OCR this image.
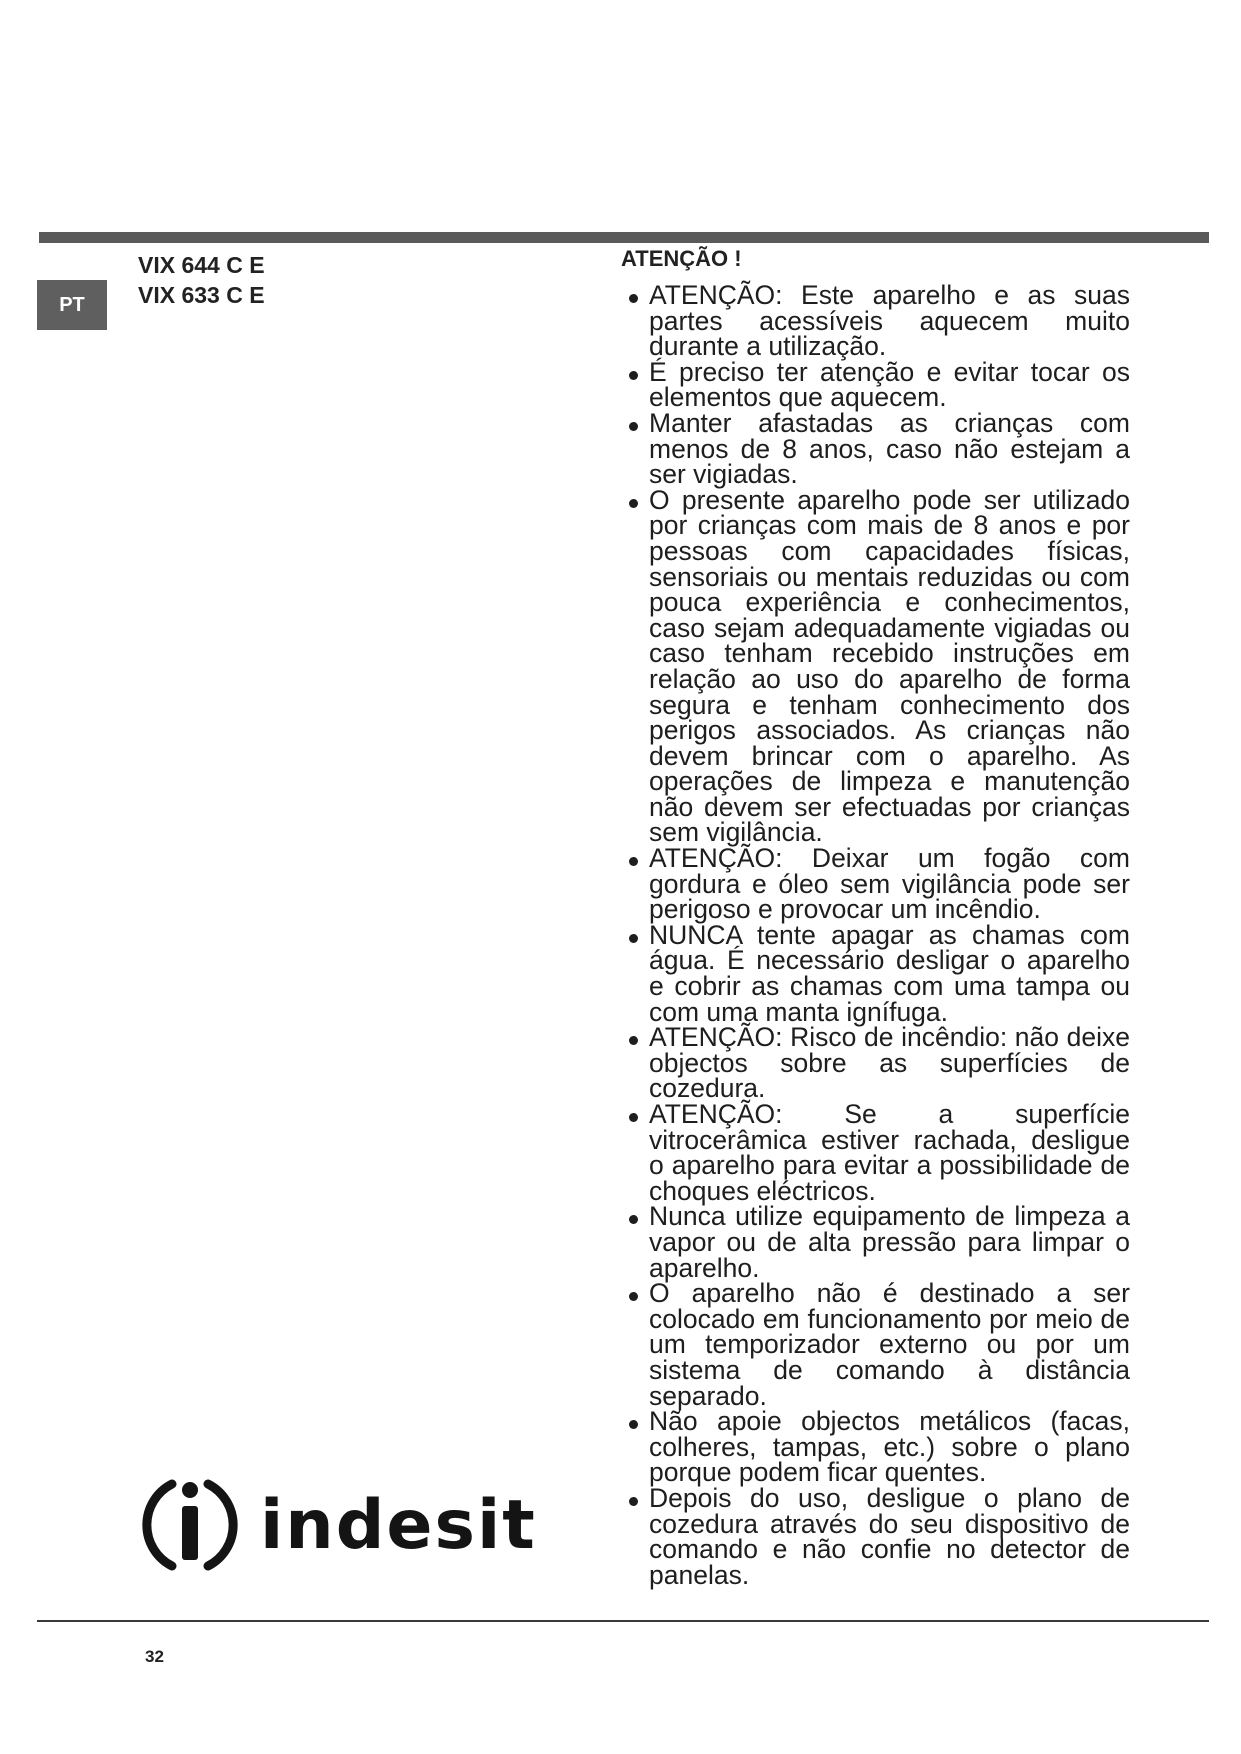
PT
VIX 644 C E
VIX 633 C E
ATENÇÃO !
ATENÇÃO: Este aparelho e as suas partes acessíveis aquecem muito durante a utilização.
É preciso ter atenção e evitar tocar os elementos que aquecem.
Manter afastadas as crianças com menos de 8 anos, caso não estejam a ser vigiadas.
O presente aparelho pode ser utilizado por crianças com mais de 8 anos e por pessoas com capacidades físicas, sensoriais ou mentais reduzidas ou com pouca experiência e conhecimentos, caso sejam adequadamente vigiadas ou caso tenham recebido instruções em relação ao uso do aparelho de forma segura e tenham conhecimento dos perigos associados. As crianças não devem brincar com o aparelho. As operações de limpeza e manutenção não devem ser efectuadas por crianças sem vigilância.
ATENÇÃO: Deixar um fogão com gordura e óleo sem vigilância pode ser perigoso e provocar um incêndio.
NUNCA tente apagar as chamas com água. É necessário desligar o aparelho e cobrir as chamas com uma tampa ou com uma manta ignífuga.
ATENÇÃO: Risco de incêndio: não deixe objectos sobre as superfícies de cozedura.
ATENÇÃO: Se a superfície vitrocerâmica estiver rachada, desligue o aparelho para evitar a possibilidade de choques eléctricos.
Nunca utilize equipamento de limpeza a vapor ou de alta pressão para limpar o aparelho.
O aparelho não é destinado a ser colocado em funcionamento por meio de um temporizador externo ou por um sistema de comando à distância separado.
Não apoie objectos metálicos (facas, colheres, tampas, etc.) sobre o plano porque podem ficar quentes.
Depois do uso, desligue o plano de cozedura através do seu dispositivo de comando e não confie no detector de panelas.
indesit
32
